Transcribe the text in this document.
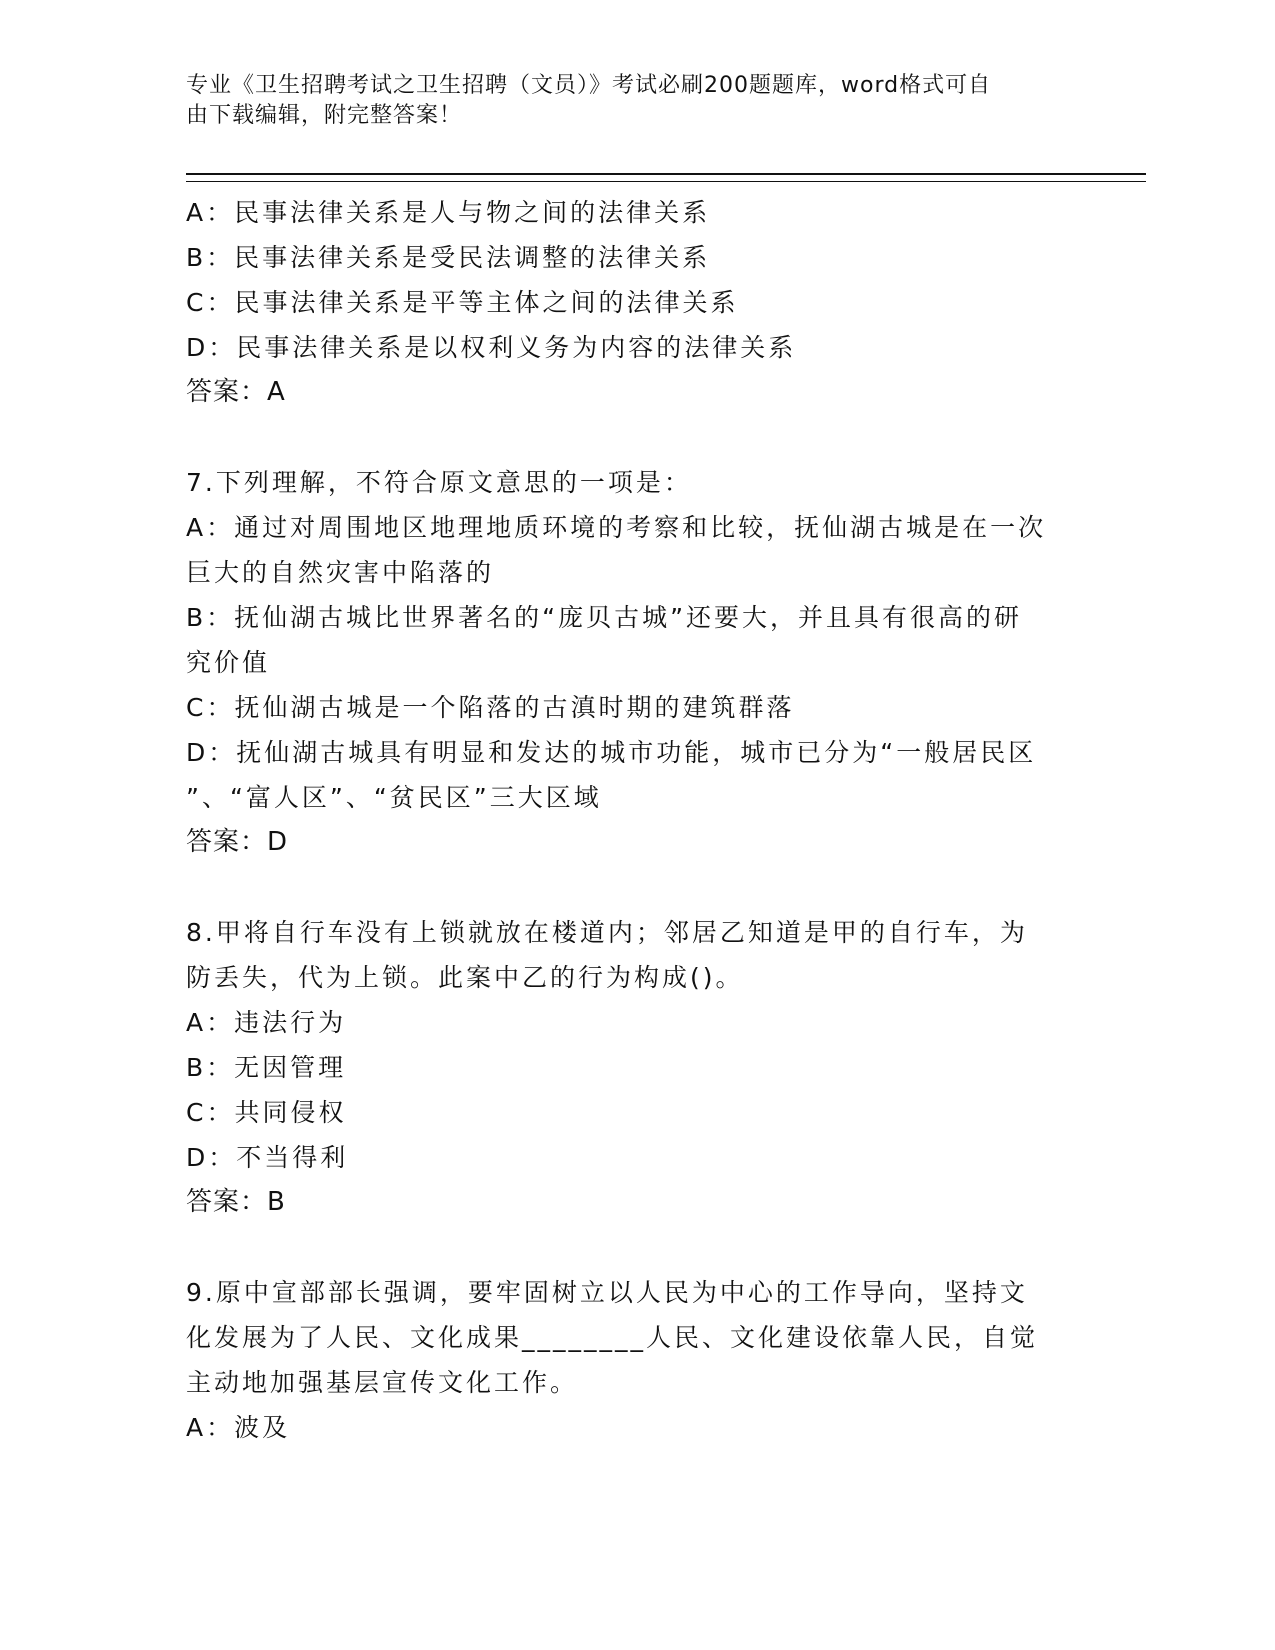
专业《卫生招聘考试之卫生招聘（文员）》考试必刷200题题库，word格式可自
由下载编辑，附完整答案！
A：民事法律关系是人与物之间的法律关系
B：民事法律关系是受民法调整的法律关系
C：民事法律关系是平等主体之间的法律关系
D：民事法律关系是以权利义务为内容的法律关系
答案：A
7.下列理解，不符合原文意思的一项是：
A：通过对周围地区地理地质环境的考察和比较，抚仙湖古城是在一次
巨大的自然灾害中陷落的
B：抚仙湖古城比世界著名的“庞贝古城”还要大，并且具有很高的研
究价值
C：抚仙湖古城是一个陷落的古滇时期的建筑群落
D：抚仙湖古城具有明显和发达的城市功能，城市已分为“一般居民区
”、“富人区”、“贫民区”三大区域
答案：D
8.甲将自行车没有上锁就放在楼道内；邻居乙知道是甲的自行车，为
防丢失，代为上锁。此案中乙的行为构成()。
A：违法行为
B：无因管理
C：共同侵权
D：不当得利
答案：B
9.原中宣部部长强调，要牢固树立以人民为中心的工作导向，坚持文
化发展为了人民、文化成果________人民、文化建设依靠人民，自觉
主动地加强基层宣传文化工作。
A：波及
